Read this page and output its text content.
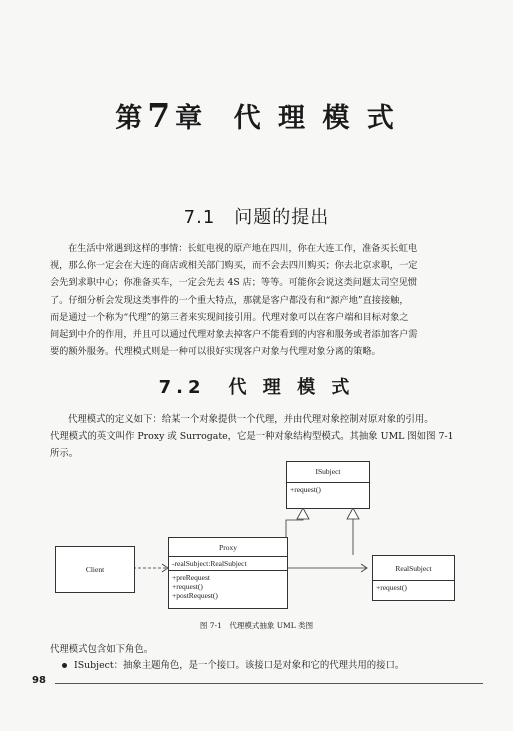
第7章 代 理 模 式
7.1　问题的提出
在生活中常遇到这样的事情：长虹电视的原产地在四川，你在大连工作，准备买长虹电
视，那么你一定会在大连的商店或相关部门购买，而不会去四川购买；你去北京求职，一定
会先到求职中心；你准备买车，一定会先去 4S 店；等等。可能你会说这类问题太司空见惯
了。仔细分析会发现这类事件的一个重大特点，那就是客户都没有和“源产地”直接接触，
而是通过一个称为“代理”的第三者来实现间接引用。代理对象可以在客户端和目标对象之
间起到中介的作用，并且可以通过代理对象去掉客户不能看到的内容和服务或者添加客户需
要的额外服务。代理模式则是一种可以很好实现客户对象与代理对象分离的策略。
7.2　代 理 模 式
代理模式的定义如下：给某一个对象提供一个代理，并由代理对象控制对原对象的引用。
代理模式的英文叫作 Proxy 或 Surrogate，它是一种对象结构型模式。其抽象 UML 图如图 7-1
所示。
ISubject
+request()
Client
Proxy
-realSubject:RealSubject
+preRequest
+request()
+postRequest()
RealSubject
+request()
图 7-1　代理模式抽象 UML 类图
代理模式包含如下角色。
ISubject：抽象主题角色，是一个接口。该接口是对象和它的代理共用的接口。
98
